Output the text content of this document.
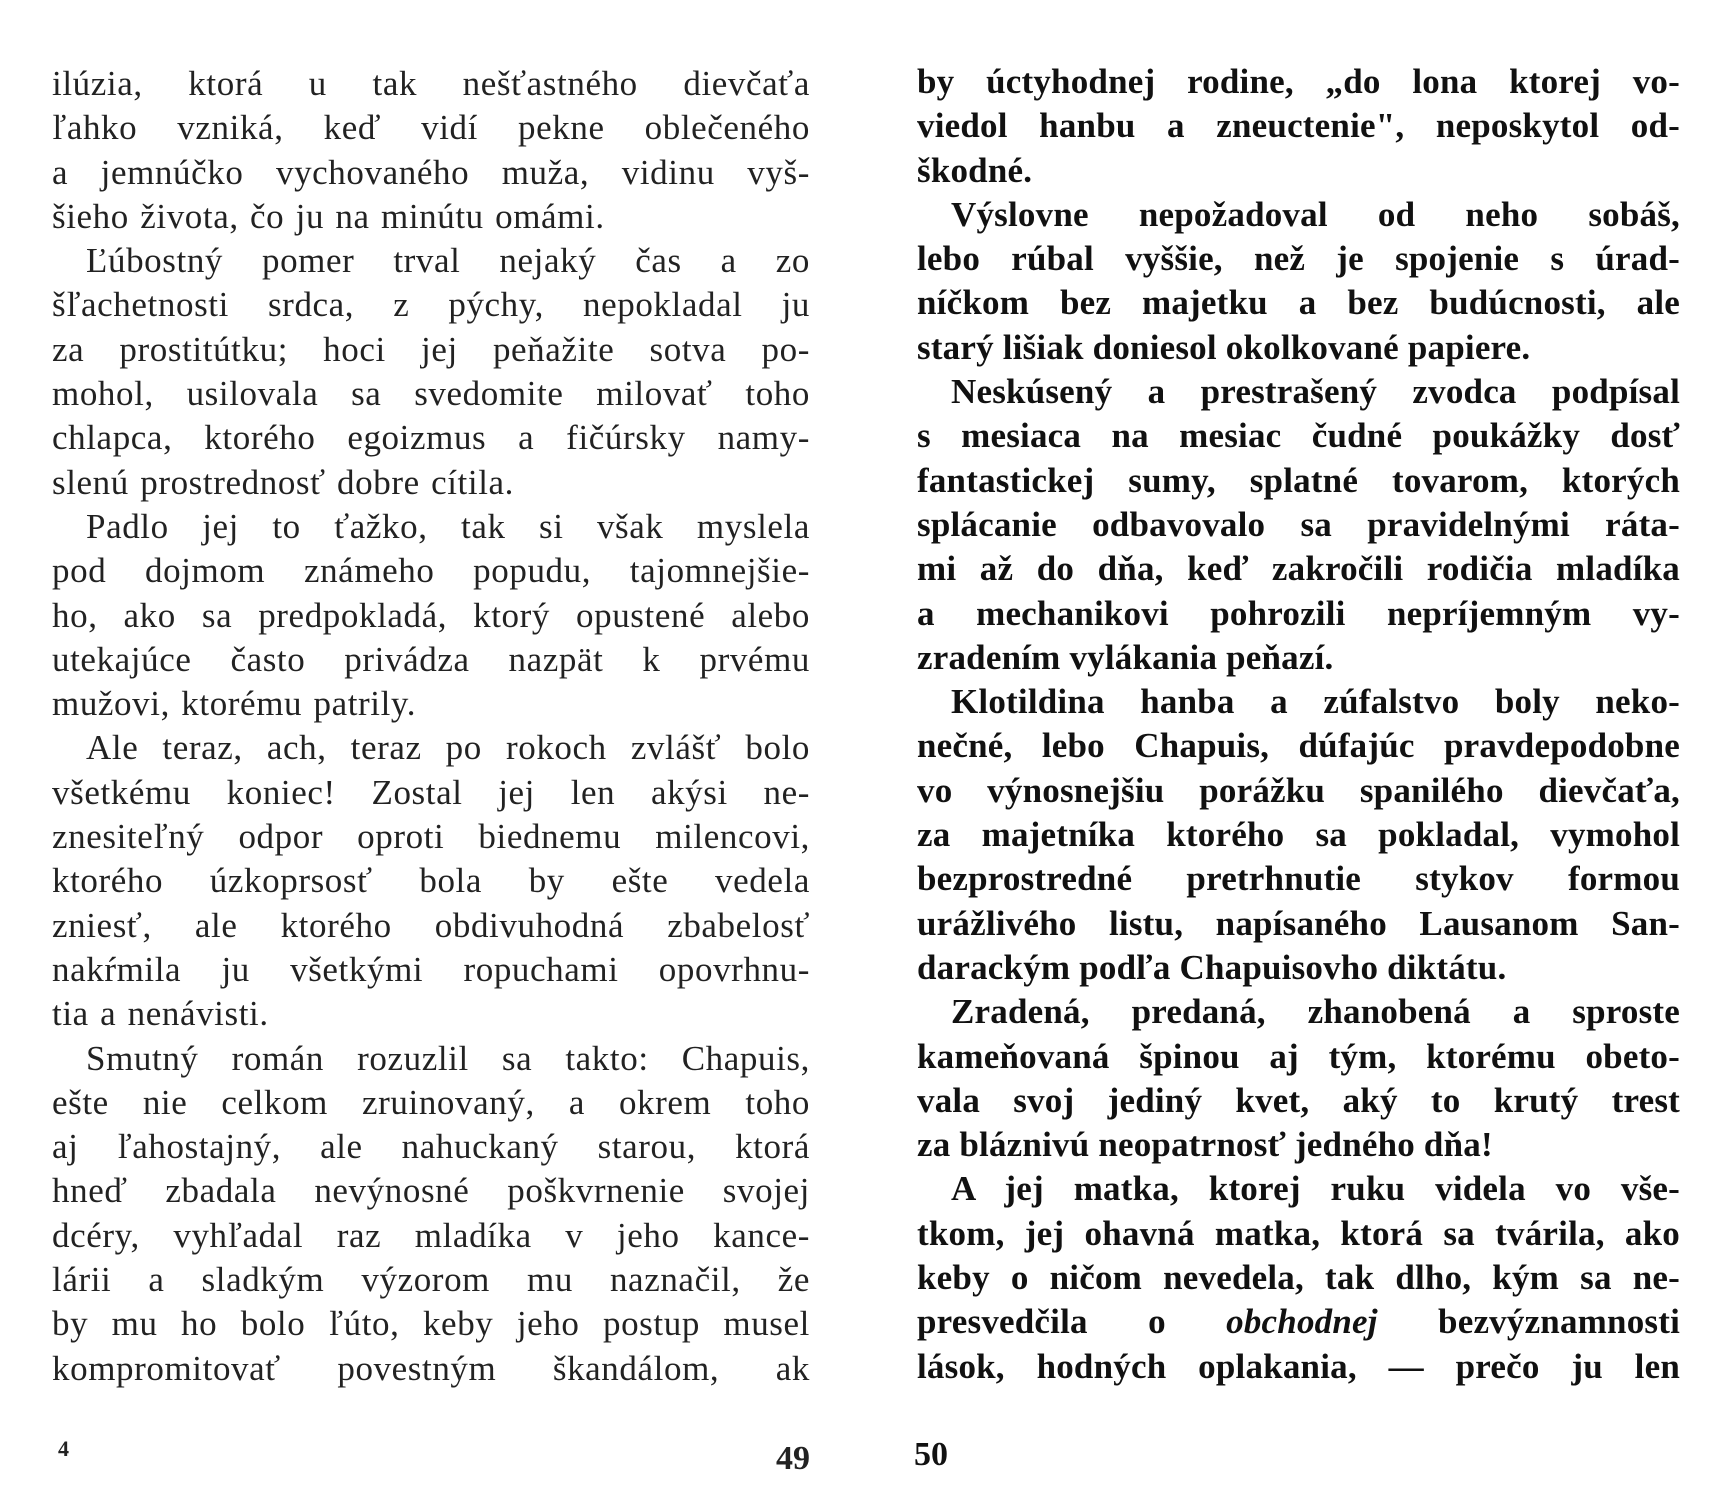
ilúzia, ktorá u tak nešťastného dievčaťa
ľahko vzniká, keď vidí pekne oblečeného
a jemnúčko vychovaného muža, vidinu vyš-
šieho života, čo ju na minútu omámi.
Ľúbostný pomer trval nejaký čas a zo
šľachetnosti srdca, z pýchy, nepokladal ju
za prostitútku; hoci jej peňažite sotva po-
mohol, usilovala sa svedomite milovať toho
chlapca, ktorého egoizmus a fičúrsky namy-
slenú prostrednosť dobre cítila.
Padlo jej to ťažko, tak si však myslela
pod dojmom známeho popudu, tajomnejšie-
ho, ako sa predpokladá, ktorý opustené alebo
utekajúce často privádza nazpät k prvému
mužovi, ktorému patrily.
Ale teraz, ach, teraz po rokoch zvlášť bolo
všetkému koniec! Zostal jej len akýsi ne-
znesiteľný odpor oproti biednemu milencovi,
ktorého úzkoprsosť bola by ešte vedela
zniesť, ale ktorého obdivuhodná zbabelosť
nakŕmila ju všetkými ropuchami opovrhnu-
tia a nenávisti.
Smutný román rozuzlil sa takto: Chapuis,
ešte nie celkom zruinovaný, a okrem toho
aj ľahostajný, ale nahuckaný starou, ktorá
hneď zbadala nevýnosné poškvrnenie svojej
dcéry, vyhľadal raz mladíka v jeho kance-
lárii a sladkým výzorom mu naznačil, že
by mu ho bolo ľúto, keby jeho postup musel
kompromitovať povestným škandálom, ak
4	49
by úctyhodnej rodine, „do lona ktorej vo-
viedol hanbu a zneuctenie", neposkytol od-
škodné.
Výslovne nepožadoval od neho sobáš,
lebo rúbal vyššie, než je spojenie s úrad-
níčkom bez majetku a bez budúcnosti, ale
starý lišiak doniesol okolkované papiere.
Neskúsený a prestrašený zvodca podpísal
s mesiaca na mesiac čudné poukážky dosť
fantastickej sumy, splatné tovarom, ktorých
splácanie odbavovalo sa pravidelnými ráta-
mi až do dňa, keď zakročili rodičia mladíka
a mechanikovi pohrozili nepríjemným vy-
zradením vylákania peňazí.
Klotildina hanba a zúfalstvo boly neko-
nečné, lebo Chapuis, dúfajúc pravdepodobne
vo výnosnejšiu porážku spanilého dievčaťa,
za majetníka ktorého sa pokladal, vymohol
bezprostredné pretrhnutie stykov formou
urážlivého listu, napísaného Lausanom San-
darackým podľa Chapuisovho diktátu.
Zradená, predaná, zhanobená a sproste
kameňovaná špinou aj tým, ktorému obeto-
vala svoj jediný kvet, aký to krutý trest
za bláznivú neopatrnosť jedného dňa!
A jej matka, ktorej ruku videla vo vše-
tkom, jej ohavná matka, ktorá sa tvárila, ako
keby o ničom nevedela, tak dlho, kým sa ne-
presvedčila o obchodnej bezvýznamnosti
lások, hodných oplakania, — prečo ju len
50
